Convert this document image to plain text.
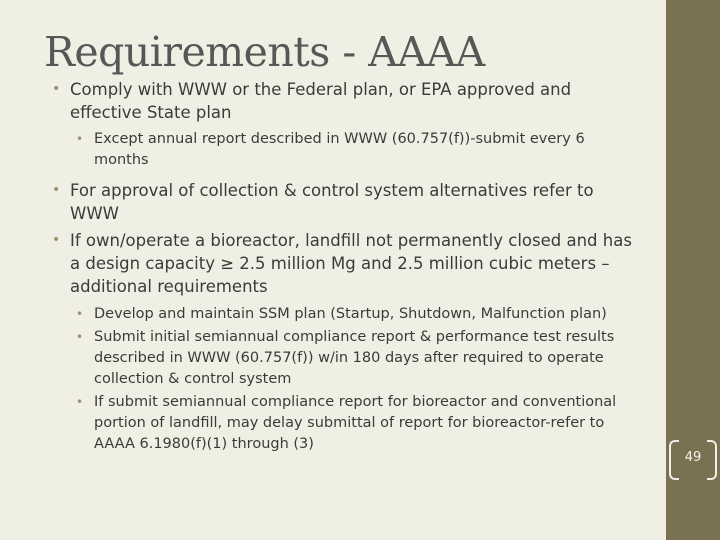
Requirements - AAAA
• Comply with WWW or the Federal plan, or EPA approved and effective State plan
• Except annual report described in WWW (60.757(f))-submit every 6 months
• For approval of collection & control system alternatives refer to WWW
• If own/operate a bioreactor, landfill not permanently closed and has a design capacity ≥ 2.5 million Mg and 2.5 million cubic meters – additional requirements
• Develop and maintain SSM plan (Startup, Shutdown, Malfunction plan)
• Submit initial semiannual compliance report & performance test results described in WWW (60.757(f)) w/in 180 days after required to operate collection & control system
• If submit semiannual compliance report for bioreactor and conventional portion of landfill, may delay submittal of report for bioreactor-refer to AAAA 6.1980(f)(1) through (3)
49
